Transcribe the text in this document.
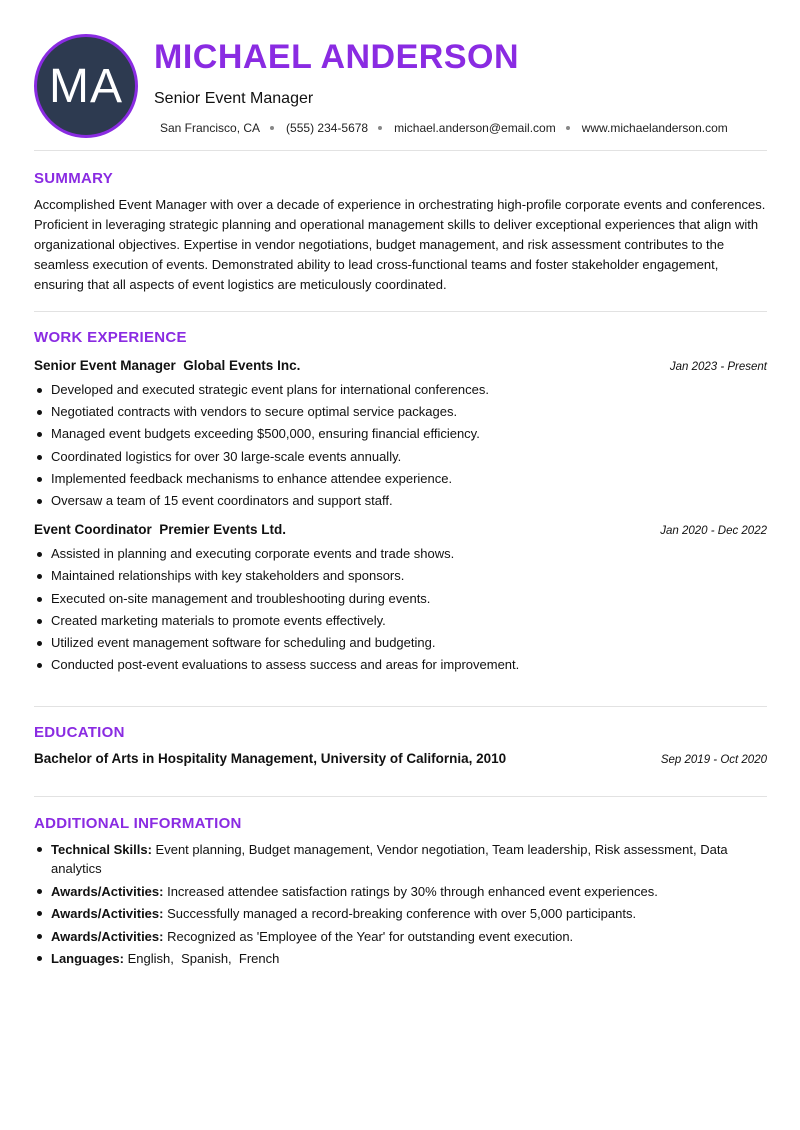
MA
MICHAEL ANDERSON
Senior Event Manager
San Francisco, CA (555) 234-5678 michael.anderson@email.com www.michaelanderson.com
SUMMARY
Accomplished Event Manager with over a decade of experience in orchestrating high-profile corporate events and conferences. Proficient in leveraging strategic planning and operational management skills to deliver exceptional experiences that align with organizational objectives. Expertise in vendor negotiations, budget management, and risk assessment contributes to the seamless execution of events. Demonstrated ability to lead cross-functional teams and foster stakeholder engagement, ensuring that all aspects of event logistics are meticulously coordinated.
WORK EXPERIENCE
Senior Event Manager  Global Events Inc.	Jan 2023 - Present
Developed and executed strategic event plans for international conferences.
Negotiated contracts with vendors to secure optimal service packages.
Managed event budgets exceeding $500,000, ensuring financial efficiency.
Coordinated logistics for over 30 large-scale events annually.
Implemented feedback mechanisms to enhance attendee experience.
Oversaw a team of 15 event coordinators and support staff.
Event Coordinator  Premier Events Ltd.	Jan 2020 - Dec 2022
Assisted in planning and executing corporate events and trade shows.
Maintained relationships with key stakeholders and sponsors.
Executed on-site management and troubleshooting during events.
Created marketing materials to promote events effectively.
Utilized event management software for scheduling and budgeting.
Conducted post-event evaluations to assess success and areas for improvement.
EDUCATION
Bachelor of Arts in Hospitality Management, University of California, 2010	Sep 2019 - Oct 2020
ADDITIONAL INFORMATION
Technical Skills: Event planning, Budget management, Vendor negotiation, Team leadership, Risk assessment, Data analytics
Awards/Activities: Increased attendee satisfaction ratings by 30% through enhanced event experiences.
Awards/Activities: Successfully managed a record-breaking conference with over 5,000 participants.
Awards/Activities: Recognized as 'Employee of the Year' for outstanding event execution.
Languages: English,  Spanish,  French
